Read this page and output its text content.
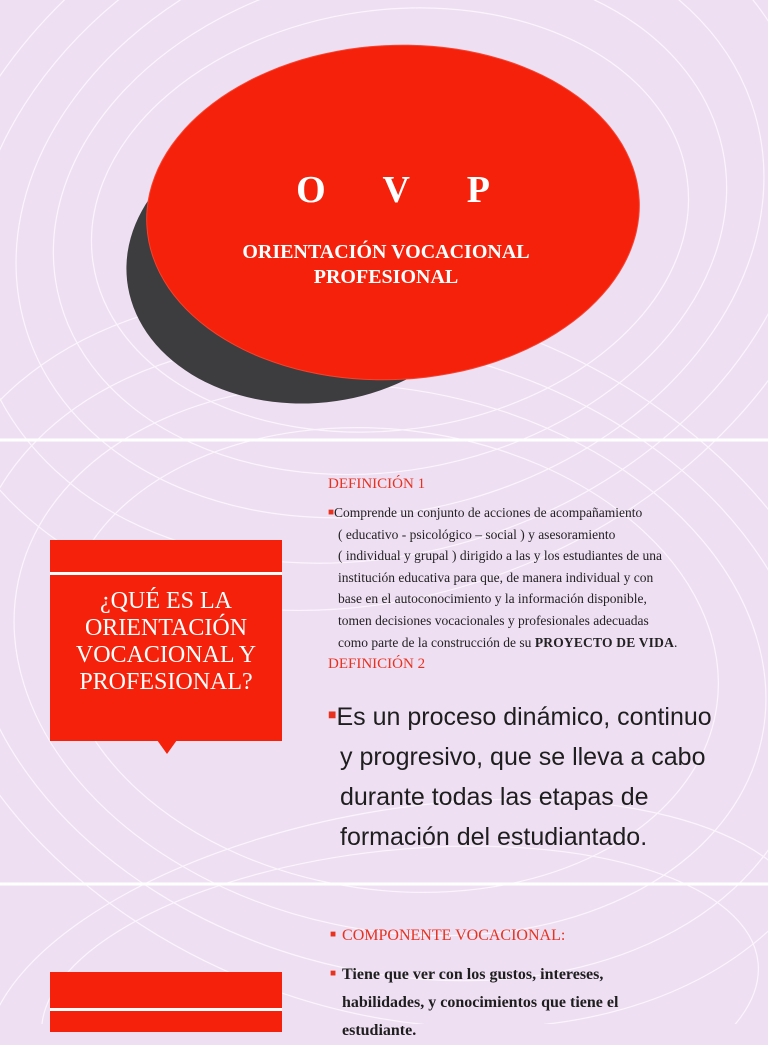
O V P
ORIENTACIÓN VOCACIONAL
PROFESIONAL
¿QUÉ ES LA
ORIENTACIÓN
VOCACIONAL Y
PROFESIONAL?
DEFINICIÓN 1
■Comprende un conjunto de acciones de acompañamiento
( educativo - psicológico – social ) y asesoramiento
( individual y grupal ) dirigido a las y los estudiantes de una
institución educativa para que, de manera individual y con
base en el autoconocimiento y la información disponible,
tomen decisiones vocacionales y profesionales adecuadas
como parte de la construcción de su PROYECTO DE VIDA.
DEFINICIÓN 2
■Es un proceso dinámico, continuo
y progresivo, que se lleva a cabo
durante todas las etapas de
formación del estudiantado.
■ COMPONENTE VOCACIONAL:
■ Tiene que ver con los gustos, intereses,
habilidades, y conocimientos que tiene el
estudiante.
